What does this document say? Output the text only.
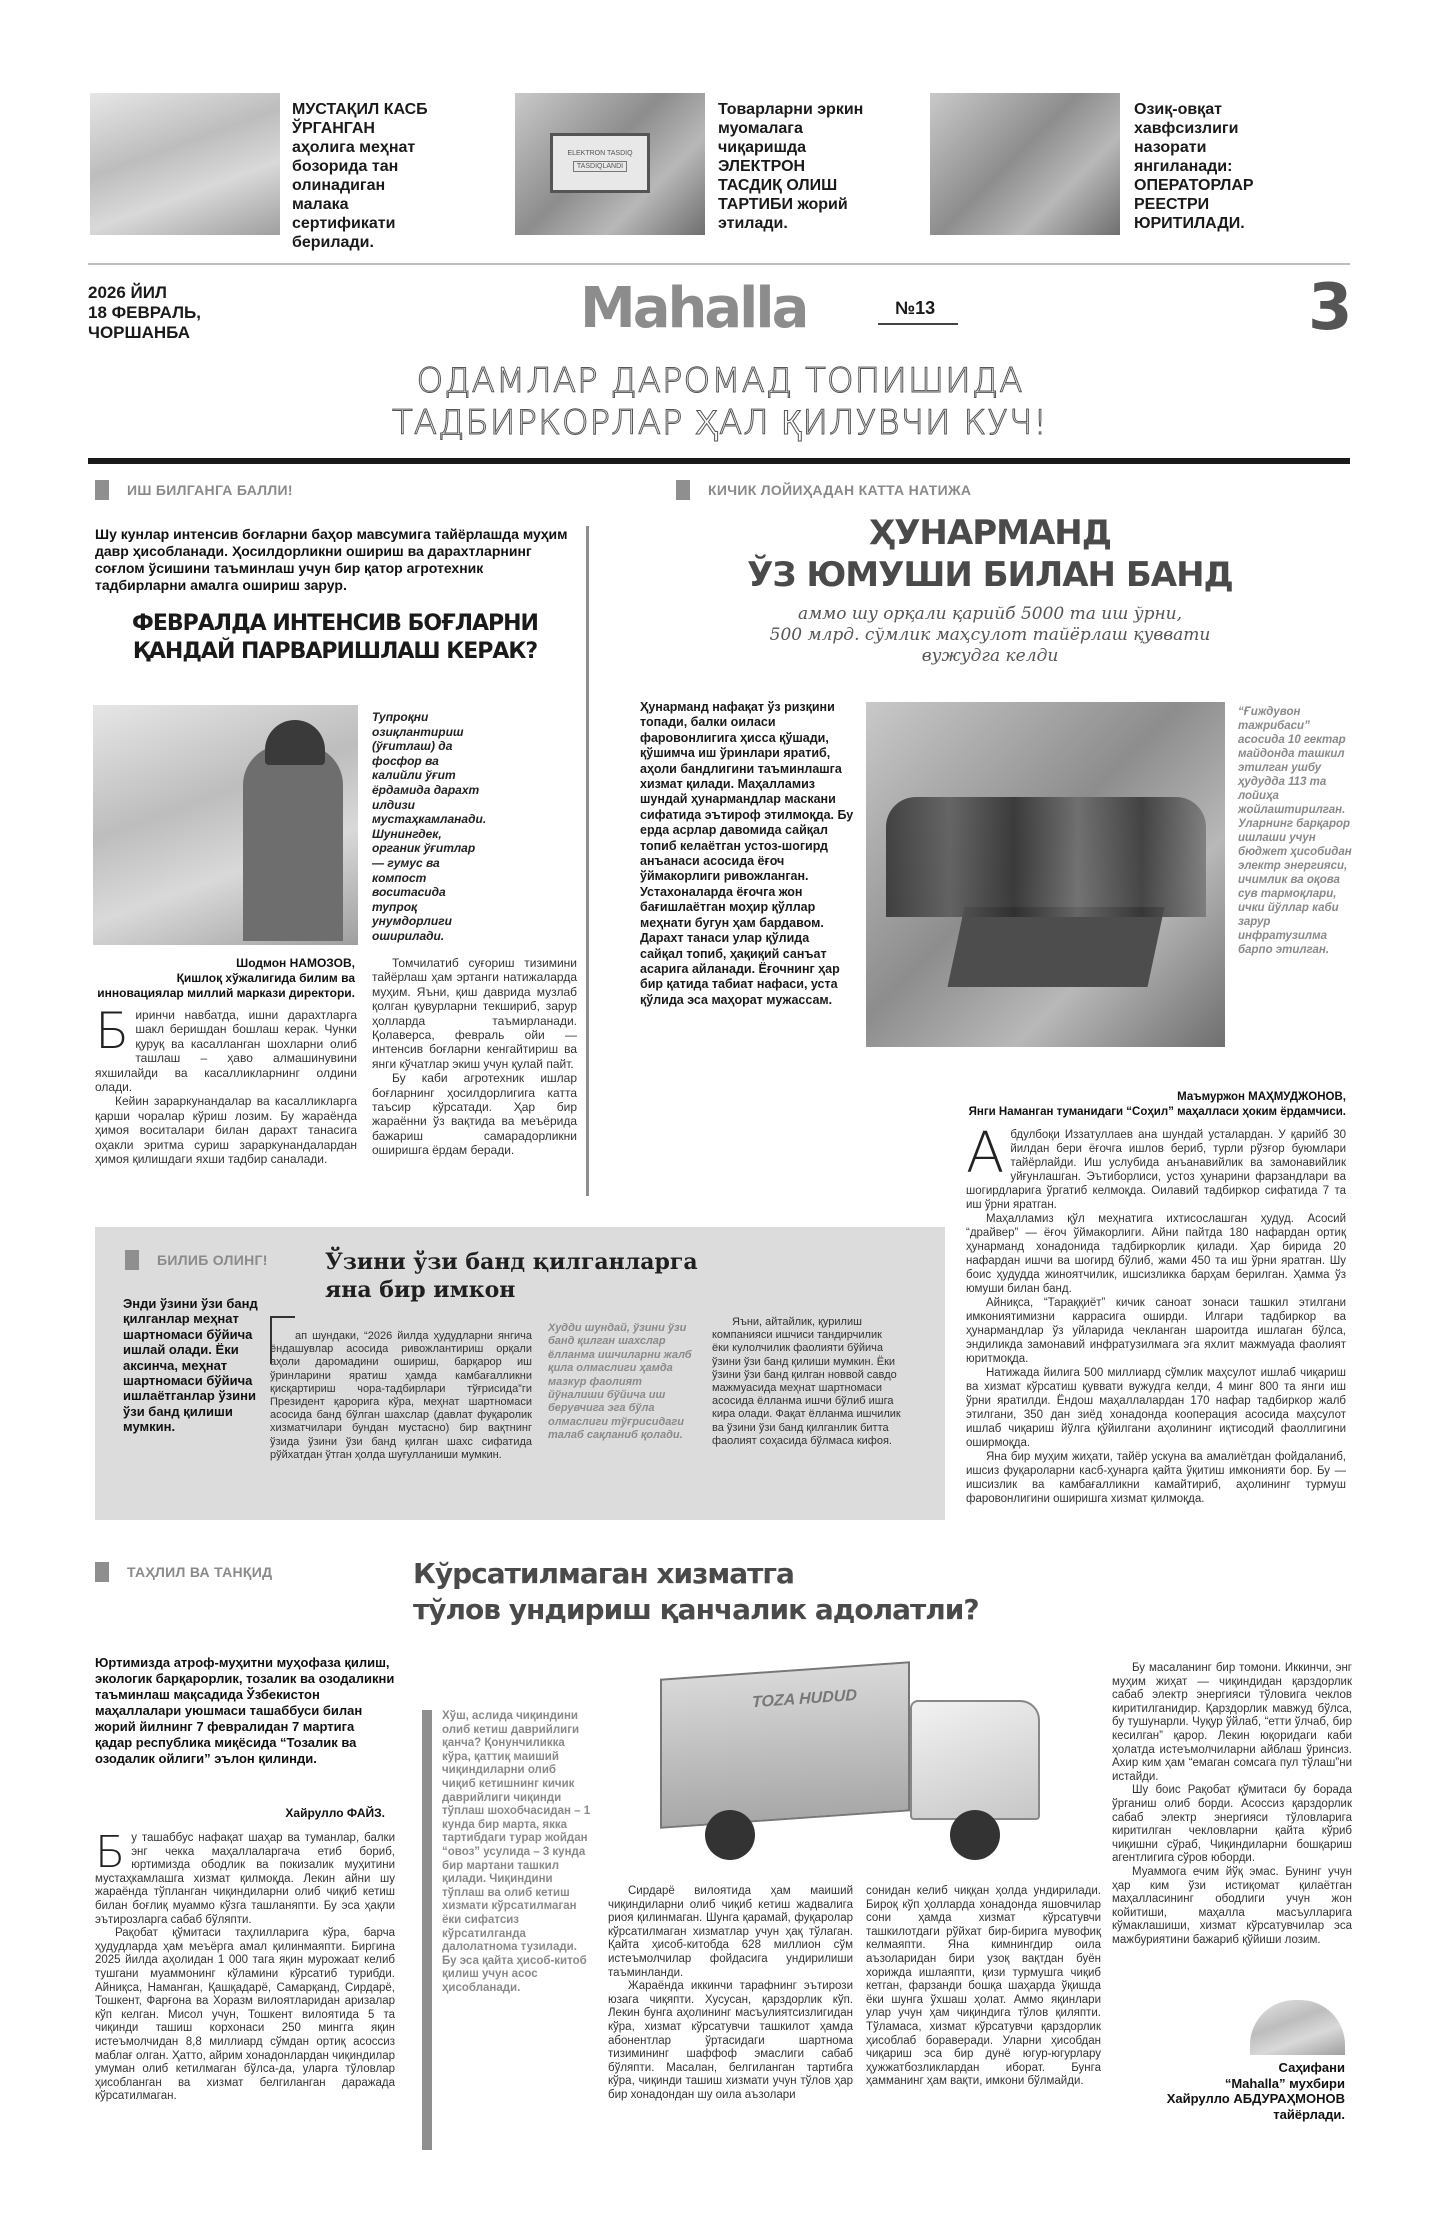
МУСТАҚИЛ КАСБ ЎРГАНГАН аҳолига меҳнат бозорида тан олинадиган малака сертификати берилади.
ELEKTRON TASDIQ
TASDIQLANDI
Товарларни эркин муомалага чиқаришда ЭЛЕКТРОН ТАСДИҚ ОЛИШ ТАРТИБИ жорий этилади.
Озиқ-овқат хавфсизлиги назорати янгиланади: ОПЕРАТОРЛАР РЕЕСТРИ ЮРИТИЛАДИ.
2026 ЙИЛ
18 ФЕВРАЛЬ,
ЧОРШАНБА	Mahalla	№13	3
ОДАМЛАР ДАРОМАД ТОПИШИДА
ТАДБИРКОРЛАР ҲАЛ ҚИЛУВЧИ КУЧ!
ИШ БИЛГАНГА БАЛЛИ!
Шу кунлар интенсив боғларни баҳор мавсумига тайёрлашда муҳим давр ҳисобланади. Ҳосилдорликни ошириш ва дарахтларнинг соғлом ўсишини таъминлаш учун бир қатор агротехник тадбирларни амалга ошириш зарур.
ФЕВРАЛДА ИНТЕНСИВ БОҒЛАРНИ
ҚАНДАЙ ПАРВАРИШЛАШ КЕРАК?
Тупроқни озиқлантириш (ўғитлаш) да фосфор ва калийли ўғит ёрдамида дарахт илдизи мустаҳкамланади. Шунингдек, органик ўғитлар — гумус ва компост воситасида тупроқ унумдорлиги оширилади.
Шодмон НАМОЗОВ,
Қишлоқ хўжалигида билим ва
инновациялар миллий маркази директори.

Биринчи навбатда, ишни дарахтларга шакл беришдан бошлаш керак. Чунки қуруқ ва касалланган шохларни олиб ташлаш – ҳаво алмашинувини яхшилайди ва касалликларнинг олдини олади.

Кейин зараркунандалар ва касалликларга қарши чоралар кўриш лозим. Бу жараёнда ҳимоя воситалари билан дарахт танасига оҳакли эритма суриш зараркунандалардан ҳимоя қилишдаги яхши тадбир саналади.

Томчилатиб суғориш тизимини тайёрлаш ҳам эртанги натижаларда муҳим. Яъни, қиш даврида музлаб қолган қувурларни текшириб, зарур ҳолларда таъмирланади. Қолаверса, февраль ойи — интенсив боғларни кенгайтириш ва янги кўчатлар экиш учун қулай пайт.

Бу каби агротехник ишлар боғларнинг ҳосилдорлигига катта таъсир кўрсатади. Ҳар бир жараённи ўз вақтида ва меъёрида бажариш самарадорликни оширишга ёрдам беради.

КИЧИК ЛОЙИҲАДАН КАТТА НАТИЖА
ҲУНАРМАНД
ЎЗ ЮМУШИ БИЛАН БАНД
аммо шу орқали қарийб 5000 та иш ўрни,
500 млрд. сўмлик маҳсулот тайёрлаш қуввати
вужудга келди
Ҳунарманд нафақат ўз ризқини топади, балки оиласи фаровонлигига ҳисса қўшади, қўшимча иш ўринлари яратиб, аҳоли бандлигини таъминлашга хизмат қилади. Маҳалламиз шундай ҳунармандлар маскани сифатида эътироф этилмоқда. Бу ерда асрлар давомида сайқал топиб келаётган устоз-шогирд анъанаси асосида ёғоч ўймакорлиги ривожланган. Устахоналарда ёғочга жон бағишлаётган моҳир қўллар меҳнати бугун ҳам бардавом. Дарахт танаси улар қўлида сайқал топиб, ҳақиқий санъат асарига айланади. Ёғочнинг ҳар бир қатида табиат нафаси, уста қўлида эса маҳорат мужассам.
“Ғиждувон тажрибаси” асосида 10 гектар майдонда ташкил этилган ушбу ҳудудда 113 та лойиҳа жойлаштирилган. Уларнинг барқарор ишлаши учун бюджет ҳисобидан электр энергияси, ичимлик ва оқова сув тармоқлари, ички йўллар каби зарур инфратузилма барпо этилган.
Маъмуржон МАҲМУДЖОНОВ,
Янги Наманган туманидаги “Соҳил” маҳалласи ҳоким ёрдамчиси.

Абдулбоқи Иззатуллаев ана шундай усталардан. У қарийб 30 йилдан бери ёғочга ишлов бериб, турли рўзғор буюмлари тайёрлайди. Иш услубида анъанавийлик ва замонавийлик уйғунлашган. Эътиборлиси, устоз ҳунарини фарзандлари ва шогирдларига ўргатиб келмоқда. Оилавий тадбиркор сифатида 7 та иш ўрни яратган.

Маҳалламиз қўл меҳнатига ихтисослашган ҳудуд. Асосий “драйвер” — ёғоч ўймакорлиги. Айни пайтда 180 нафардан ортиқ ҳунарманд хонадонида тадбиркорлик қилади. Ҳар бирида 20 нафардан ишчи ва шогирд бўлиб, жами 450 та иш ўрни яратган. Шу боис ҳудудда жиноятчилик, ишсизликка барҳам берилган. Ҳамма ўз юмуши билан банд.

Айниқса, “Тараққиёт” кичик саноат зонаси ташкил этилгани имкониятимизни каррасига оширди. Илгари тадбиркор ва ҳунармандлар ўз уйларида чекланган шароитда ишлаган бўлса, эндиликда замонавий инфратузилмага эга яхлит мажмуада фаолият юритмоқда.

Натижада йилига 500 миллиард сўмлик маҳсулот ишлаб чиқариш ва хизмат кўрсатиш қуввати вужудга келди, 4 минг 800 та янги иш ўрни яратилди. Ёндош маҳаллалардан 170 нафар тадбиркор жалб этилгани, 350 дан зиёд хонадонда кооперация асосида маҳсулот ишлаб чиқариш йўлга қўйилгани аҳолининг иқтисодий фаоллигини оширмоқда.

Яна бир муҳим жиҳати, тайёр ускуна ва амалиётдан фойдаланиб, ишсиз фуқароларни касб-ҳунарга қайта ўқитиш имконияти бор. Бу — ишсизлик ва камбағалликни камайтириб, аҳолининг турмуш фаровонлигини оширишга хизмат қилмоқда.

БИЛИБ ОЛИНГ!	Ўзини ўзи банд қилганларга
яна бир имкон
Энди ўзини ўзи банд қилганлар меҳнат шартномаси бўйича ишлай олади. Ёки аксинча, меҳнат шартномаси бўйича ишлаётганлар ўзини ўзи банд қилиши мумкин.

ап шундаки, “2026 йилда ҳудудларни янгича ёндашувлар асосида ривожлантириш орқали аҳоли даромадини ошириш, барқарор иш ўринларини яратиш ҳамда камбағалликни қисқартириш чора-тадбирлари тўғрисида”ги Президент қарорига кўра, меҳнат шартномаси асосида банд бўлган шахслар (давлат фуқаролик хизматчилари бундан мустасно) бир вақтнинг ўзида ўзини ўзи банд қилган шахс сифатида рўйхатдан ўтган ҳолда шуғулланиши мумкин.

Худди шундай, ўзини ўзи банд қилган шахслар ёлланма ишчиларни жалб қила олмаслиги ҳамда мазкур фаолият йўналиши бўйича иш берувчига эга бўла олмаслиги тўғрисидаги талаб сақланиб қолади.

Яъни, айтайлик, қурилиш компанияси ишчиси тандирчилик ёки кулолчилик фаолияти бўйича ўзини ўзи банд қилиши мумкин. Ёки ўзини ўзи банд қилган новвой савдо мажмуасида меҳнат шартномаси асосида ёлланма ишчи бўлиб ишга кира олади. Фақат ёлланма ишчилик ва ўзини ўзи банд қилганлик битта фаолият соҳасида бўлмаса кифоя.

ТАҲЛИЛ ВА ТАНҚИД	Кўрсатилмаган хизматга
тўлов ундириш қанчалик адолатли?
Юртимизда атроф-муҳитни муҳофаза қилиш, экологик барқарорлик, тозалик ва озодаликни таъминлаш мақсадида Ўзбекистон маҳаллалари уюшмаси ташаббуси билан жорий йилнинг 7 февралидан 7 мартига қадар республика миқёсида “Тозалик ва озодалик ойлиги” эълон қилинди.
Хайрулло ФАЙЗ.

Бу ташаббус нафақат шаҳар ва туманлар, балки энг чекка маҳаллаларгача етиб бориб, юртимизда ободлик ва покизалик муҳитини мустаҳкамлашга хизмат қилмоқда. Лекин айни шу жараёнда тўпланган чиқиндиларни олиб чиқиб кетиш билан боғлиқ муаммо кўзга ташланяпти. Бу эса ҳақли эътирозларга сабаб бўляпти.

Рақобат қўмитаси таҳлилларига кўра, барча ҳудудларда ҳам меъёрга амал қилинмаяпти. Биргина 2025 йилда аҳолидан 1 000 тага яқин мурожаат келиб тушгани муаммонинг кўламини кўрсатиб турибди. Айниқса, Наманган, Қашқадарё, Самарқанд, Сирдарё, Тошкент, Фарғона ва Хоразм вилоятларидан аризалар кўп келган. Мисол учун, Тошкент вилоятида 5 та чиқинди ташиш корхонаси 250 мингга яқин истеъмолчидан 8,8 миллиард сўмдан ортиқ асоссиз маблағ олган. Ҳатто, айрим хонадонлардан чиқиндилар умуман олиб кетилмаган бўлса-да, уларга тўловлар ҳисобланган ва хизмат белгиланган даражада кўрсатилмаган.

Хўш, аслида чиқиндини олиб кетиш даврийлиги қанча? Қонунчиликка кўра, қаттиқ маиший чиқиндиларни олиб чиқиб кетишнинг кичик даврийлиги чиқинди тўплаш шохобчасидан – 1 кунда бир марта, якка тартибдаги турар жойдан “овоз” усулида – 3 кунда бир мартани ташкил қилади. Чиқиндини тўплаш ва олиб кетиш хизмати кўрсатилмаган ёки сифатсиз кўрсатилганда далолатнома тузилади. Бу эса қайта ҳисоб-китоб қилиш учун асос ҳисобланади.
TOZA HUDUD

Сирдарё вилоятида ҳам маиший чиқиндиларни олиб чиқиб кетиш жадвалига риоя қилинмаган. Шунга қарамай, фуқаролар кўрсатилмаган хизматлар учун ҳақ тўлаган. Қайта ҳисоб-китобда 628 миллион сўм истеъмолчилар фойдасига ундирилиши таъминланди.

Жараёнда иккинчи тарафнинг эътирози юзага чиқяпти. Хусусан, қарздорлик кўп. Лекин бунга аҳолининг масъулиятсизлигидан кўра, хизмат кўрсатувчи ташкилот ҳамда абонентлар ўртасидаги шартнома тизимининг шаффоф эмаслиги сабаб бўляпти. Масалан, белгиланган тартибга кўра, чиқинди ташиш хизмати учун тўлов ҳар бир хонадондан шу оила аъзолари

сонидан келиб чиққан ҳолда ундирилади. Бироқ кўп ҳолларда хонадонда яшовчилар сони ҳамда хизмат кўрсатувчи ташкилотдаги рўйхат бир-бирига мувофиқ келмаяпти. Яна кимнингдир оила аъзоларидан бири узоқ вақтдан буён хорижда ишлаяпти, қизи турмушга чиқиб кетган, фарзанди бошқа шаҳарда ўқишда ёки шунга ўхшаш ҳолат. Аммо яқинлари улар учун ҳам чиқиндига тўлов қиляпти. Тўламаса, хизмат кўрсатувчи қарздорлик ҳисоблаб бораверади. Уларни ҳисобдан чиқариш эса бир дунё югур-югурлару ҳужжатбозликлардан иборат. Бунга ҳамманинг ҳам вақти, имкони бўлмайди.

Бу масаланинг бир томони. Иккинчи, энг муҳим жиҳат — чиқиндидан қарздорлик сабаб электр энергияси тўловига чеклов киритилганидир. Қарздорлик мавжуд бўлса, бу тушунарли. Чуқур ўйлаб, “етти ўлчаб, бир кесилган” қарор. Лекин юқоридаги каби ҳолатда истеъмолчиларни айблаш ўринсиз. Ахир ким ҳам “емаган сомсага пул тўлаш”ни истайди.

Шу боис Рақобат қўмитаси бу борада ўрганиш олиб борди. Асоссиз қарздорлик сабаб электр энергияси тўловларига киритилган чекловларни қайта кўриб чиқишни сўраб, Чиқиндиларни бошқариш агентлигига сўров юборди.

Муаммога ечим йўқ эмас. Бунинг учун ҳар ким ўзи истиқомат қилаётган маҳалласининг ободлиги учун жон койитиши, маҳалла масъулларига кўмаклашиши, хизмат кўрсатувчилар эса мажбуриятини бажариб қўйиши лозим.

Саҳифани
“Mahalla” мухбири
Хайрулло АБДУРАҲМОНОВ
тайёрлади.
